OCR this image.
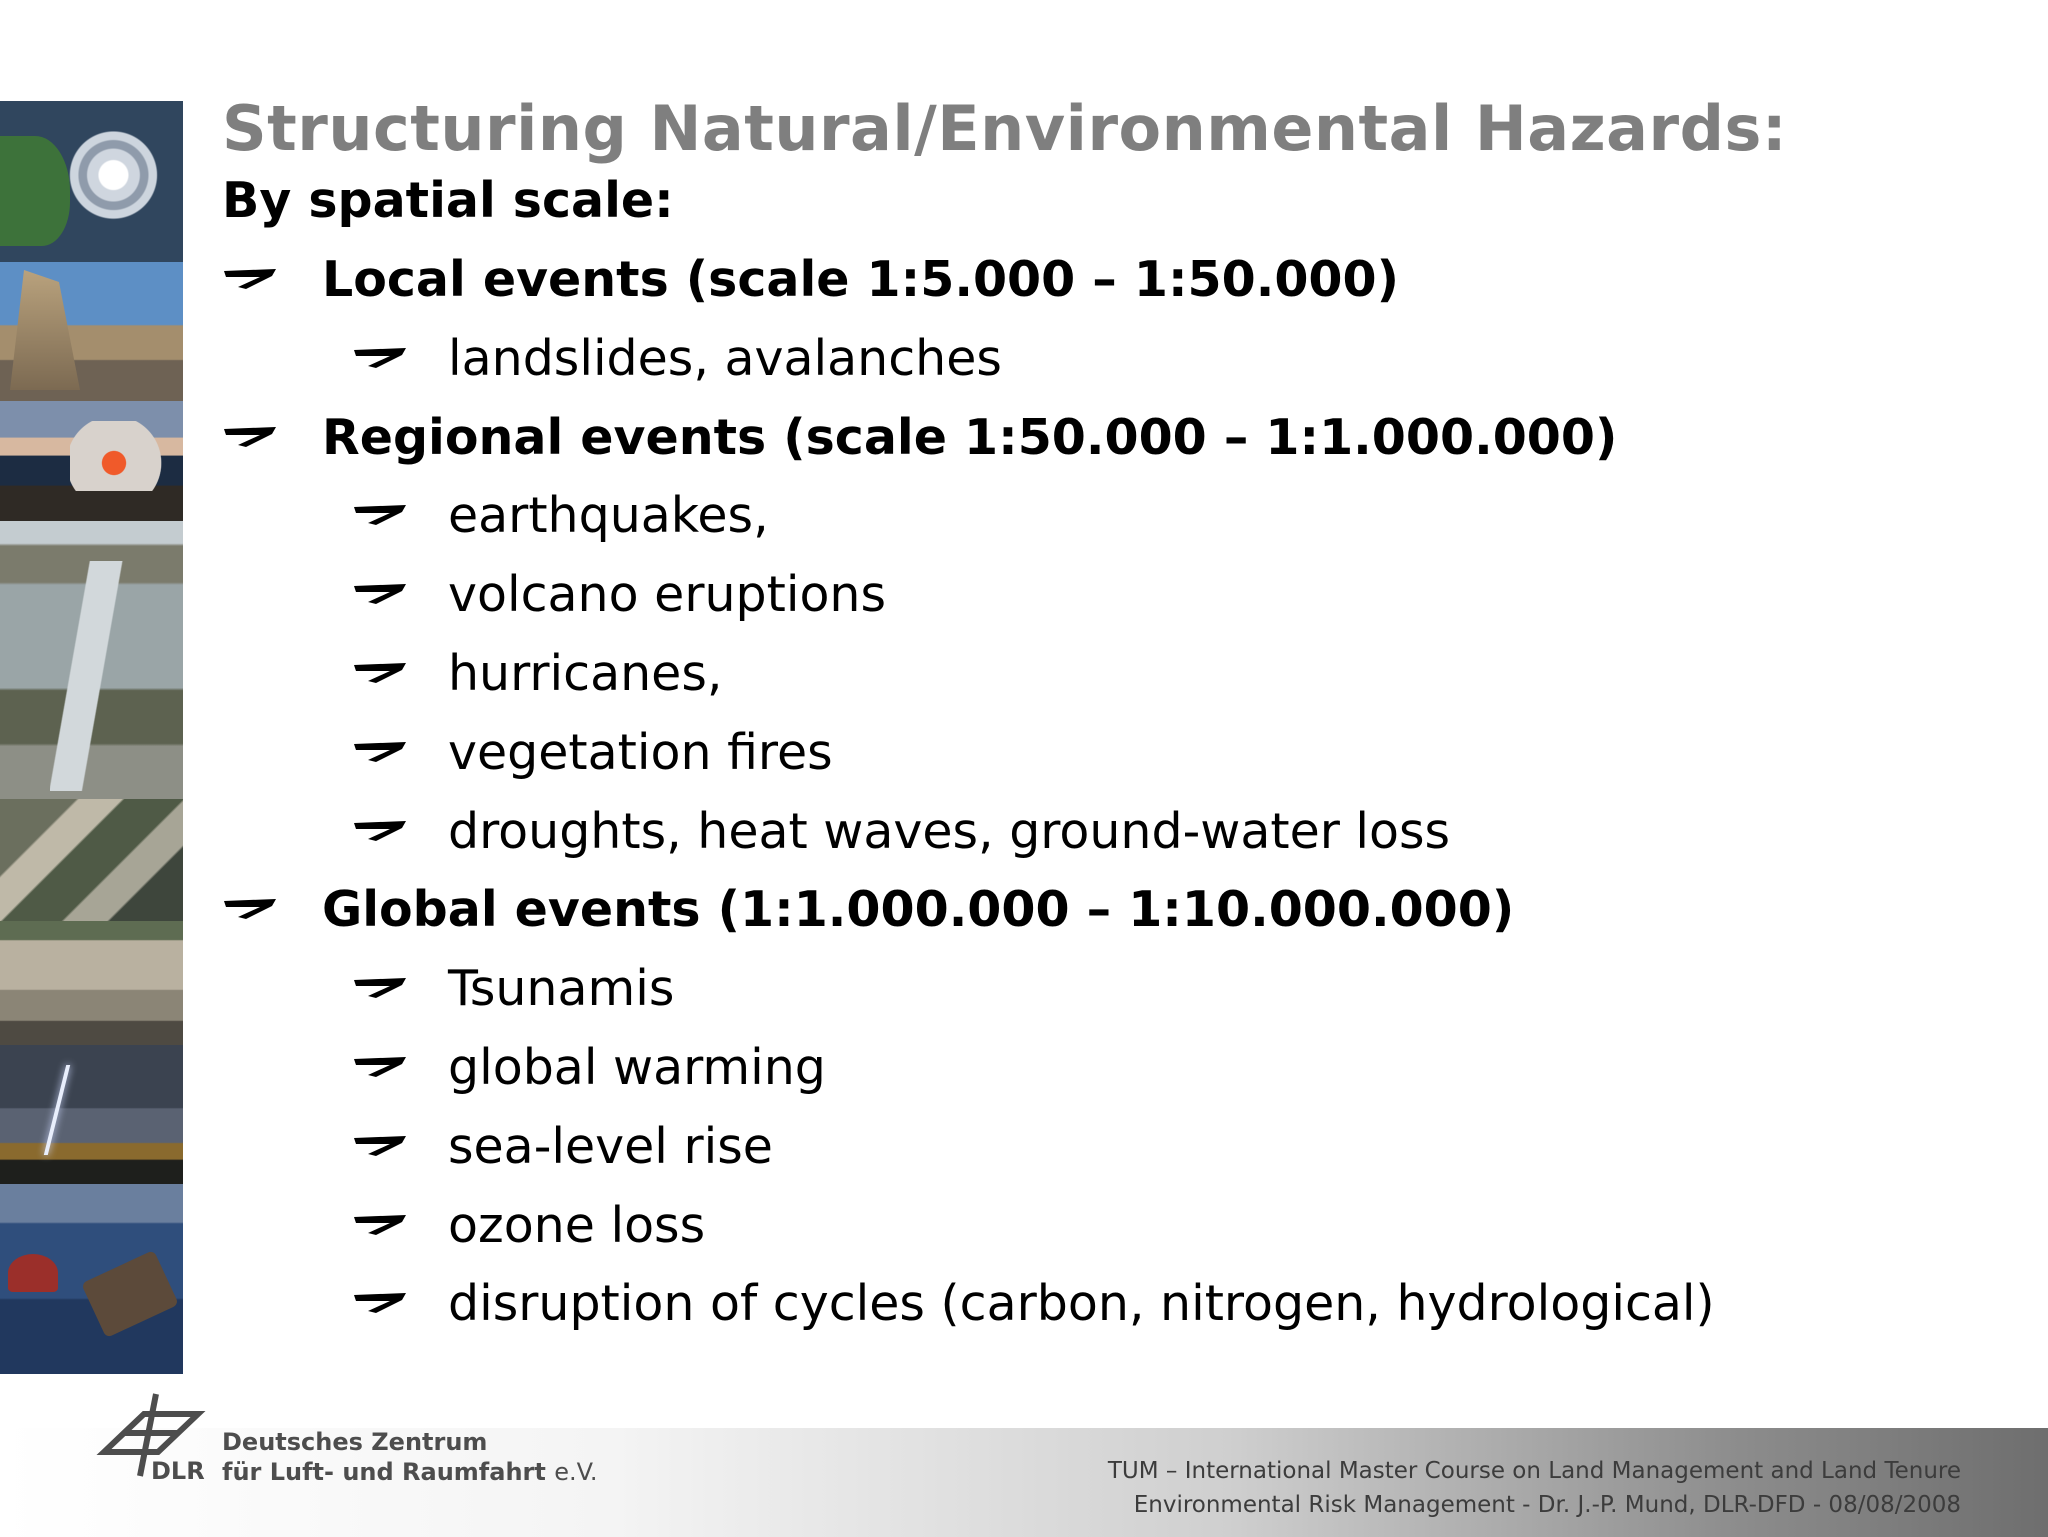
Structuring Natural/Environmental Hazards:
By spatial scale:
Local events (scale 1:5.000 – 1:50.000)
landslides, avalanches
Regional events (scale 1:50.000 – 1:1.000.000)
earthquakes,
volcano eruptions
hurricanes,
vegetation fires
droughts, heat waves, ground-water loss
Global events (1:1.000.000 – 1:10.000.000)
Tsunamis
global warming
sea-level rise
ozone loss
disruption of cycles (carbon, nitrogen, hydrological)
DLR
Deutsches Zentrum
für Luft- und Raumfahrt e.V.	TUM – International Master Course on Land Management and Land Tenure
Environmental Risk Management - Dr. J.-P. Mund, DLR-DFD - 08/08/2008
